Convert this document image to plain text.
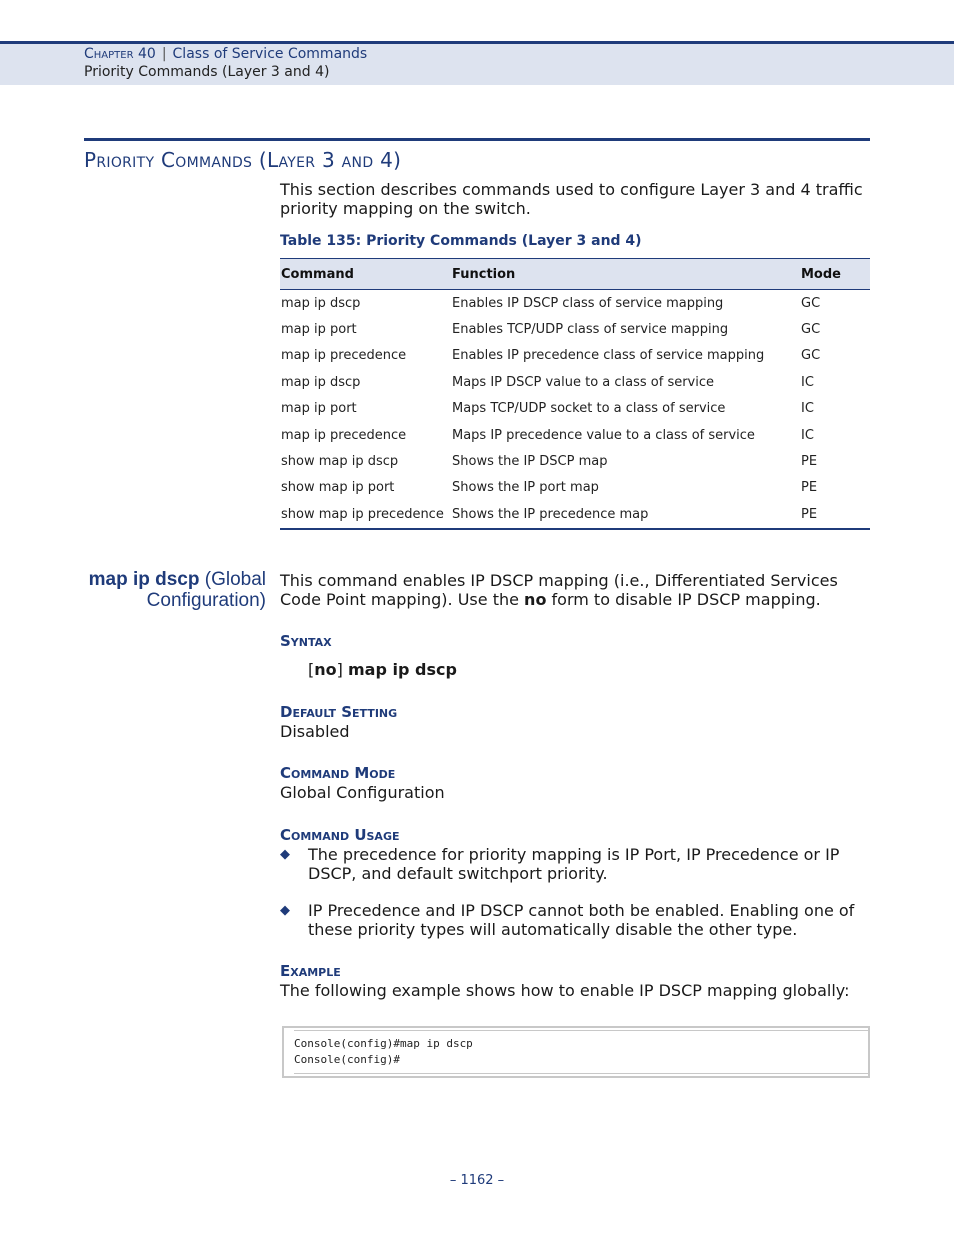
Chapter 40 | Class of Service Commands
Priority Commands (Layer 3 and 4)
Priority Commands (Layer 3 and 4)
This section describes commands used to configure Layer 3 and 4 traffic priority mapping on the switch.
Table 135: Priority Commands (Layer 3 and 4)
Command	Function	Mode
map ip dscp	Enables IP DSCP class of service mapping	GC
map ip port	Enables TCP/UDP class of service mapping	GC
map ip precedence	Enables IP precedence class of service mapping	GC
map ip dscp	Maps IP DSCP value to a class of service	IC
map ip port	Maps TCP/UDP socket to a class of service	IC
map ip precedence	Maps IP precedence value to a class of service	IC
show map ip dscp	Shows the IP DSCP map	PE
show map ip port	Shows the IP port map	PE
show map ip precedence	Shows the IP precedence map	PE
map ip dscp (Global
Configuration)
This command enables IP DSCP mapping (i.e., Differentiated Services Code Point mapping). Use the no form to disable IP DSCP mapping.
Syntax
[no] map ip dscp
Default Setting
Disabled
Command Mode
Global Configuration
Command Usage
◆ The precedence for priority mapping is IP Port, IP Precedence or IP DSCP, and default switchport priority.
◆ IP Precedence and IP DSCP cannot both be enabled. Enabling one of these priority types will automatically disable the other type.
Example
The following example shows how to enable IP DSCP mapping globally:
Console(config)#map ip dscp
Console(config)#
– 1162 –
